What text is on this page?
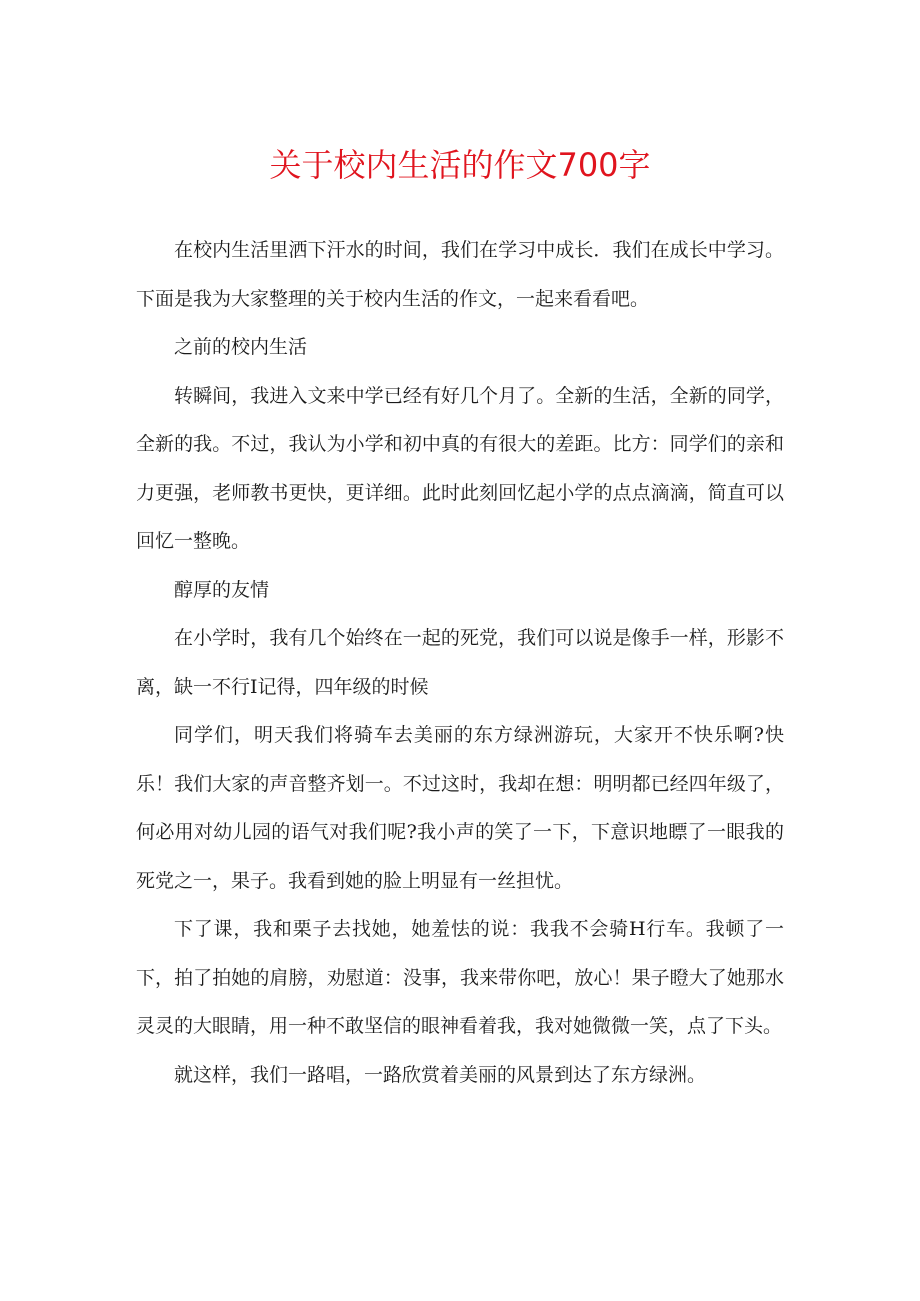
关于校内生活的作文700字

在校内生活里洒下汗水的时间，我们在学习中成长．我们在成长中学习。下面是我为大家整理的关于校内生活的作文，一起来看看吧。

之前的校内生活

转瞬间，我进入文来中学已经有好几个月了。全新的生活，全新的同学，全新的我。不过，我认为小学和初中真的有很大的差距。比方：同学们的亲和力更强，老师教书更快，更详细。此时此刻回忆起小学的点点滴滴，简直可以回忆一整晚。

醇厚的友情

在小学时，我有几个始终在一起的死党，我们可以说是像手一样，形影不离，缺一不行I记得，四年级的时候

同学们，明天我们将骑车去美丽的东方绿洲游玩，大家开不快乐啊?快乐！我们大家的声音整齐划一。不过这时，我却在想：明明都已经四年级了，何必用对幼儿园的语气对我们呢?我小声的笑了一下，下意识地瞟了一眼我的死党之一，果子。我看到她的脸上明显有一丝担忧。

下了课，我和栗子去找她，她羞怯的说：我我不会骑H行车。我顿了一下，拍了拍她的肩膀，劝慰道：没事，我来带你吧，放心！果子瞪大了她那水灵灵的大眼睛，用一种不敢坚信的眼神看着我，我对她微微一笑，点了下头。

就这样，我们一路唱，一路欣赏着美丽的风景到达了东方绿洲。
